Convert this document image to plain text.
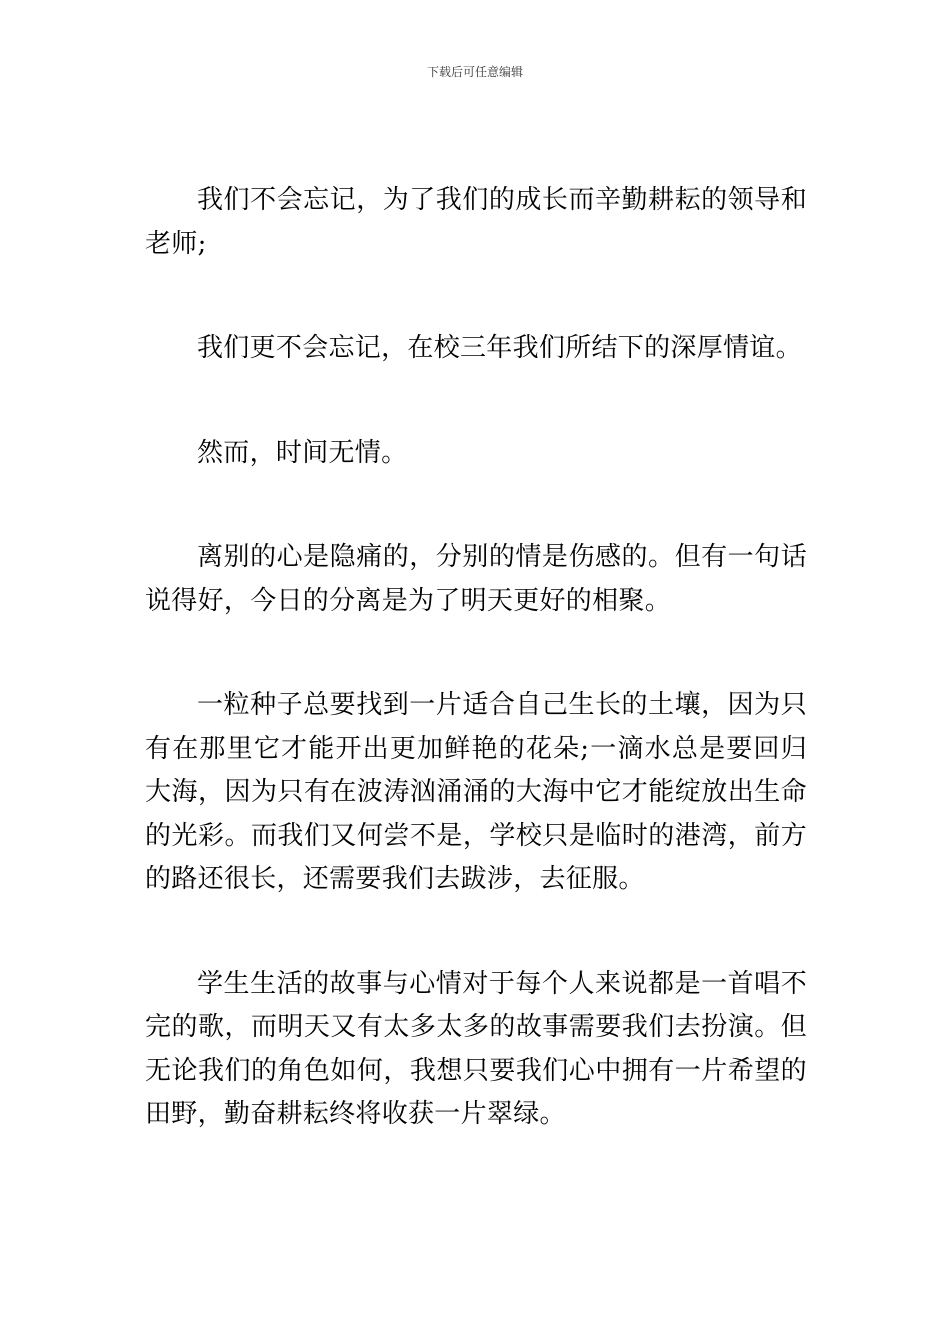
下载后可任意编辑

我们不会忘记，为了我们的成长而辛勤耕耘的领导和老师;

我们更不会忘记，在校三年我们所结下的深厚情谊。

然而，时间无情。

离别的心是隐痛的，分别的情是伤感的。但有一句话说得好，今日的分离是为了明天更好的相聚。

一粒种子总要找到一片适合自己生长的土壤，因为只有在那里它才能开出更加鲜艳的花朵;一滴水总是要回归大海，因为只有在波涛汹涌涌的大海中它才能绽放出生命的光彩。而我们又何尝不是，学校只是临时的港湾，前方的路还很长，还需要我们去跋涉，去征服。

学生生活的故事与心情对于每个人来说都是一首唱不完的歌，而明天又有太多太多的故事需要我们去扮演。但无论我们的角色如何，我想只要我们心中拥有一片希望的田野，勤奋耕耘终将收获一片翠绿。
